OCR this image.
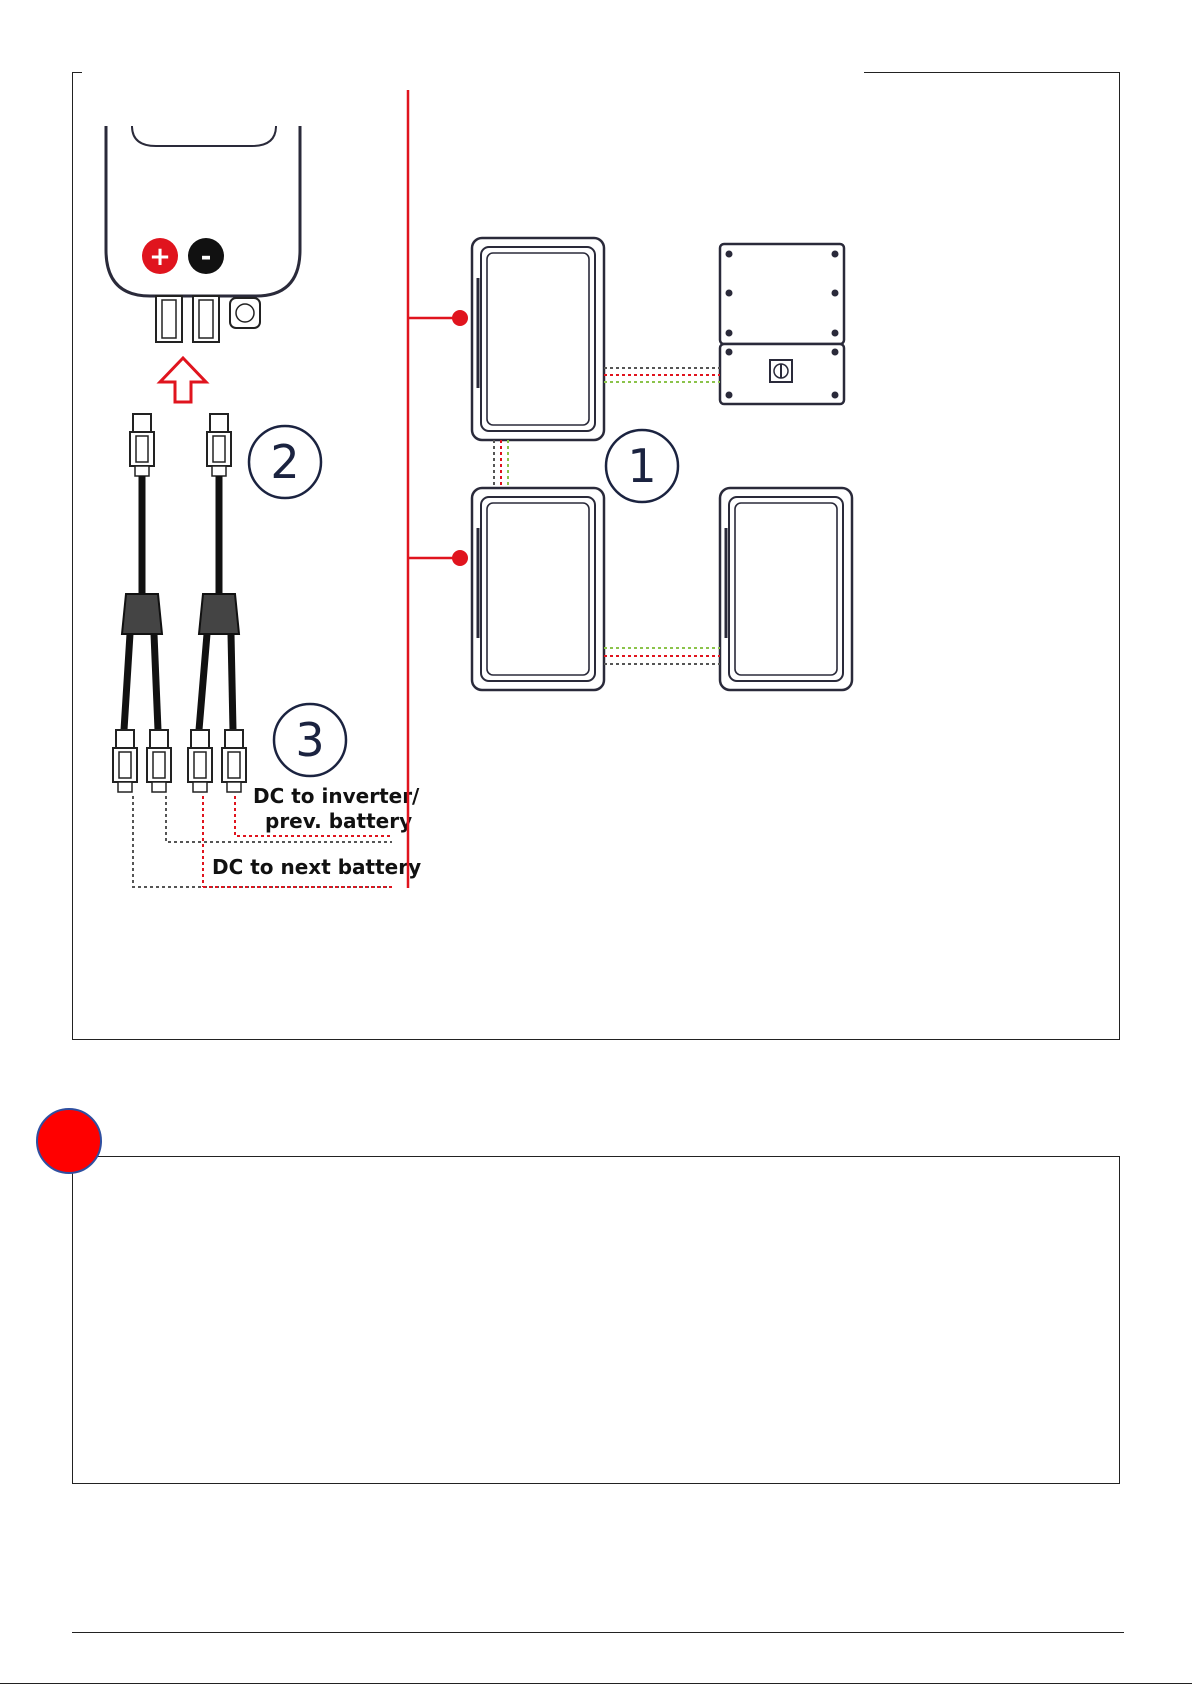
+ -
2
3
1
DC to inverter/
prev. battery
DC to next battery
